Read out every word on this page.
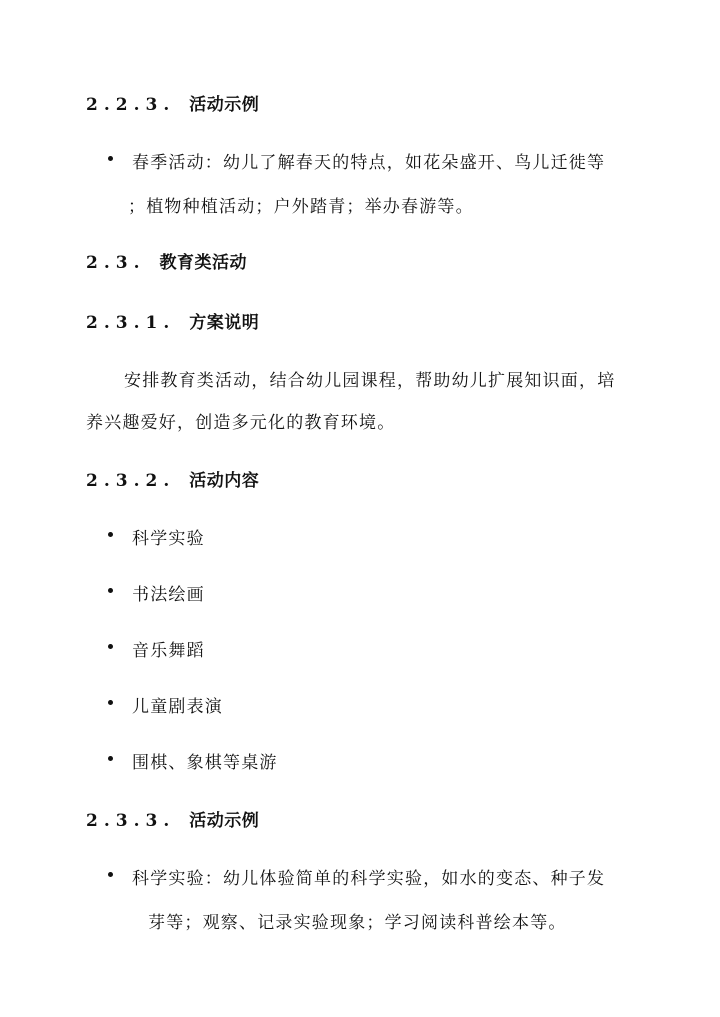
2.2.3. 活动示例
春季活动：幼儿了解春天的特点，如花朵盛开、鸟儿迁徙等
；植物种植活动；户外踏青；举办春游等。
2.3. 教育类活动
2.3.1. 方案说明
安排教育类活动，结合幼儿园课程，帮助幼儿扩展知识面，培
养兴趣爱好，创造多元化的教育环境。
2.3.2. 活动内容
科学实验
书法绘画
音乐舞蹈
儿童剧表演
围棋、象棋等桌游
2.3.3. 活动示例
科学实验：幼儿体验简单的科学实验，如水的变态、种子发
芽等；观察、记录实验现象；学习阅读科普绘本等。
